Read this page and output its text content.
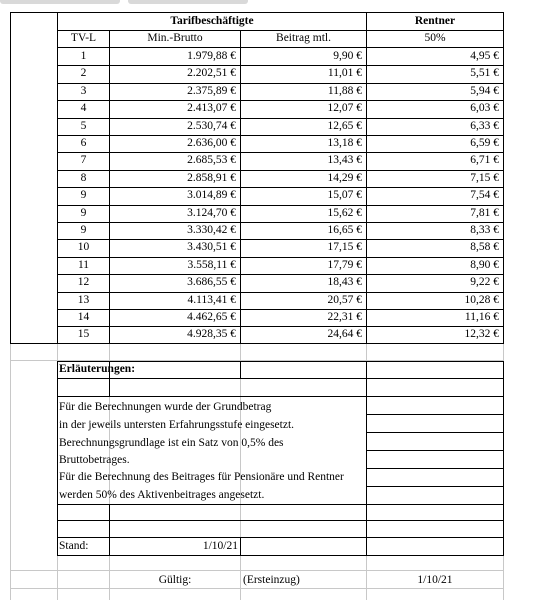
Tarifbeschäftigte	Rentner
TV-L	Min.-Brutto	Beitrag mtl.	50%
1	1.979,88 €	9,90 €	4,95 €
2	2.202,51 €	11,01 €	5,51 €
3	2.375,89 €	11,88 €	5,94 €
4	2.413,07 €	12,07 €	6,03 €
5	2.530,74 €	12,65 €	6,33 €
6	2.636,00 €	13,18 €	6,59 €
7	2.685,53 €	13,43 €	6,71 €
8	2.858,91 €	14,29 €	7,15 €
9	3.014,89 €	15,07 €	7,54 €
9	3.124,70 €	15,62 €	7,81 €
9	3.330,42 €	16,65 €	8,33 €
10	3.430,51 €	17,15 €	8,58 €
11	3.558,11 €	17,79 €	8,90 €
12	3.686,55 €	18,43 €	9,22 €
13	4.113,41 €	20,57 €	10,28 €
14	4.462,65 €	22,31 €	11,16 €
15	4.928,35 €	24,64 €	12,32 €
Erläuterungen:
Für die Berechnungen wurde der Grundbetrag
in der jeweils untersten Erfahrungsstufe eingesetzt.
Berechnungsgrundlage ist ein Satz von 0,5% des
Bruttobetrages.
Für die Berechnung des Beitrages für Pensionäre und Rentner
werden 50% des Aktivenbeitrages angesetzt.
Stand:	1/10/21
Gültig:	(Ersteinzug)	1/10/21
